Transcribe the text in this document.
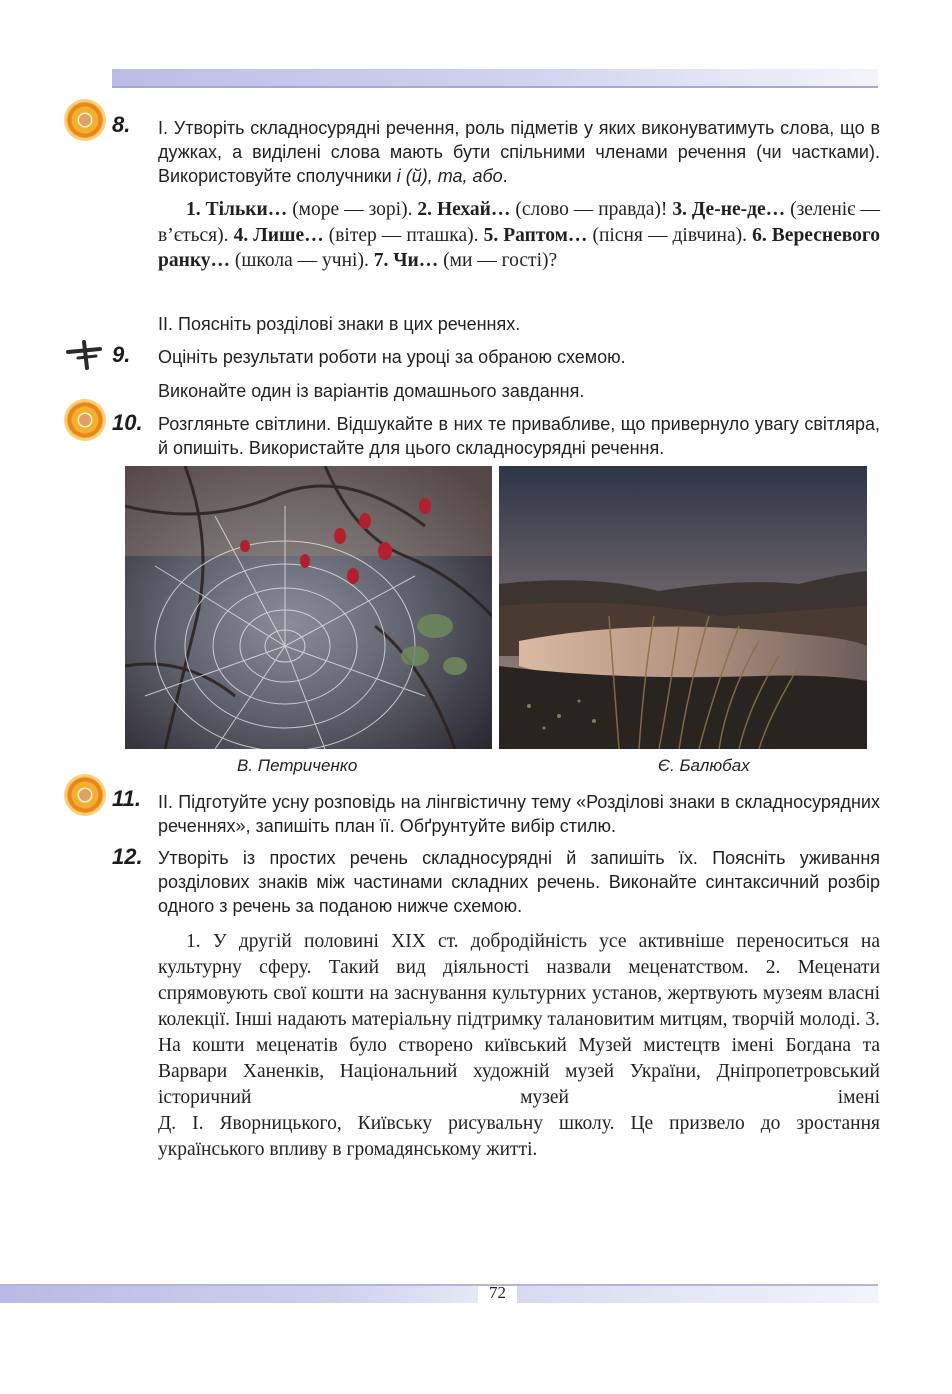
8. І. Утворіть складносурядні речення, роль підметів у яких виконуватимуть слова, що в дужках, а виділені слова мають бути спільними членами речення (чи частками). Використовуйте сполучники і (й), та, або.

1. Тільки… (море — зорі). 2. Нехай… (слово — правда)! 3. Де-не-де… (зеленіє — в’ється). 4. Лише… (вітер — пташка). 5. Раптом… (пісня — дівчина). 6. Вересневого ранку… (школа — учні). 7. Чи… (ми — гості)?

ІІ. Поясніть розділові знаки в цих реченнях.
9. Оцініть результати роботи на уроці за обраною схемою.
Виконайте один із варіантів домашнього завдання.
10. Розгляньте світлини. Відшукайте в них те привабливе, що привернуло увагу світляра, й опишіть. Використайте для цього складносурядні речення.
В. Петриченко	Є. Балюбах
11. ІІ. Підготуйте усну розповідь на лінгвістичну тему «Розділові знаки в складносурядних реченнях», запишіть план її. Обґрунтуйте вибір стилю.
12. Утворіть із простих речень складносурядні й запишіть їх. Поясніть уживання розділових знаків між частинами складних речень. Виконайте синтаксичний розбір одного з речень за поданою нижче схемою.

1. У другій половині XIX ст. добродійність усе активніше переноситься на культурну сферу. Такий вид діяльності назвали меценатством. 2. Меценати спрямовують свої кошти на заснування культурних установ, жертвують музеям власні колекції. Інші надають матеріальну підтримку талановитим митцям, творчій молоді. 3. На кошти меценатів було створено київський Музей мистецтв імені Богдана та Варвари Ханенків, Національний художній музей України, Дніпропетровський історичний музей імені

Д. І. Яворницького, Київську рисувальну школу. Це призвело до зростання українського впливу в громадянському житті.

72
